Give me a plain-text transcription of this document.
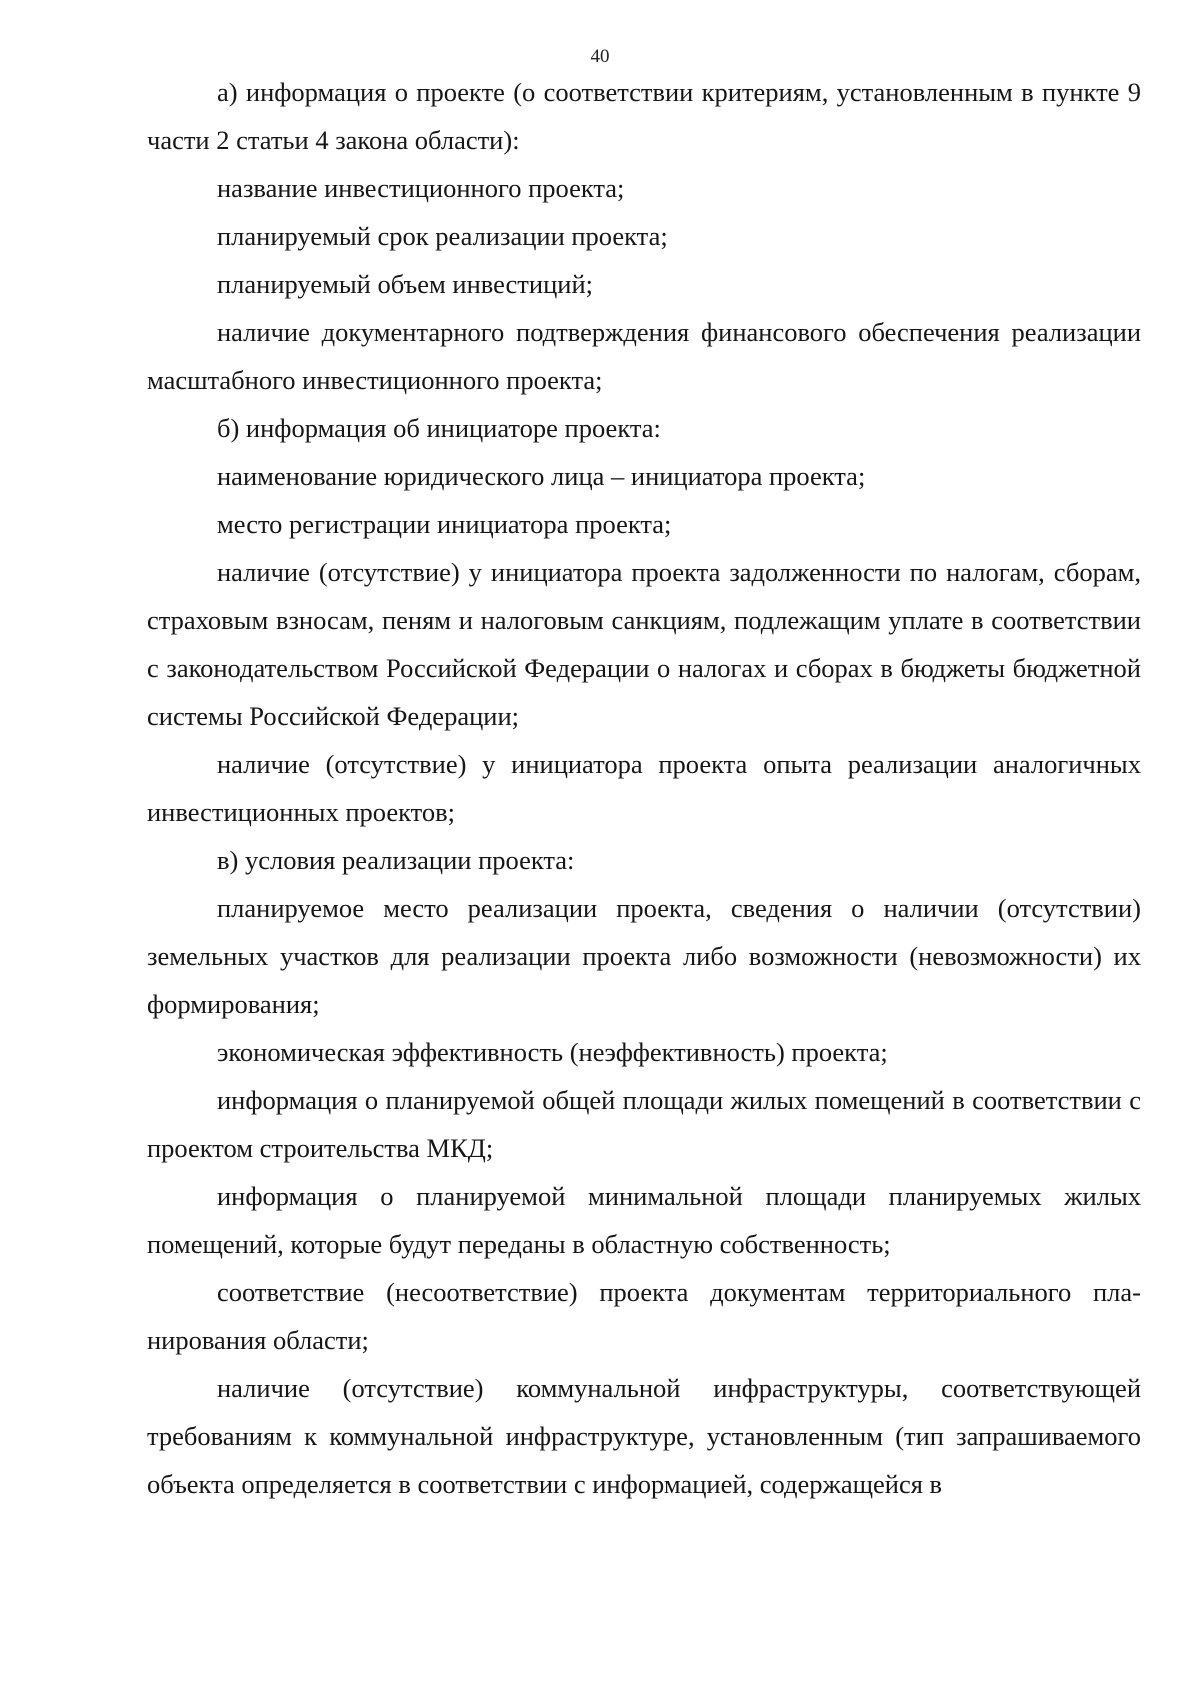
40

а) информация о проекте (о соответствии критериям, установленным в пункте 9 части 2 статьи 4 закона области):

название инвестиционного проекта;

планируемый срок реализации проекта;

планируемый объем инвестиций;

наличие документарного подтверждения финансового обеспечения реализации масштабного инвестиционного проекта;

б) информация об инициаторе проекта:

наименование юридического лица – инициатора проекта;

место регистрации инициатора проекта;

наличие (отсутствие) у инициатора проекта задолженности по налогам, сборам, страховым взносам, пеням и налоговым санкциям, подлежащим уплате в соответствии с законодательством Российской Федерации о налогах и сборах в бюджеты бюджетной системы Российской Федерации;

наличие (отсутствие) у инициатора проекта опыта реализации аналогичных инвестиционных проектов;

в) условия реализации проекта:

планируемое место реализации проекта, сведения о наличии (отсутствии) земельных участков для реализации проекта либо возможности (невозможности) их формирования;

экономическая эффективность (неэффективность) проекта;

информация о планируемой общей площади жилых помещений в соответствии с проектом строительства МКД;

информация о планируемой минимальной площади планируемых жилых помещений, которые будут переданы в областную собственность;

соответствие (несоответствие) проекта документам территориального планирования области;

наличие (отсутствие) коммунальной инфраструктуры, соответствующей требованиям к коммунальной инфраструктуре, установленным (тип запрашиваемого объекта определяется в соответствии с информацией, содержащейся в
